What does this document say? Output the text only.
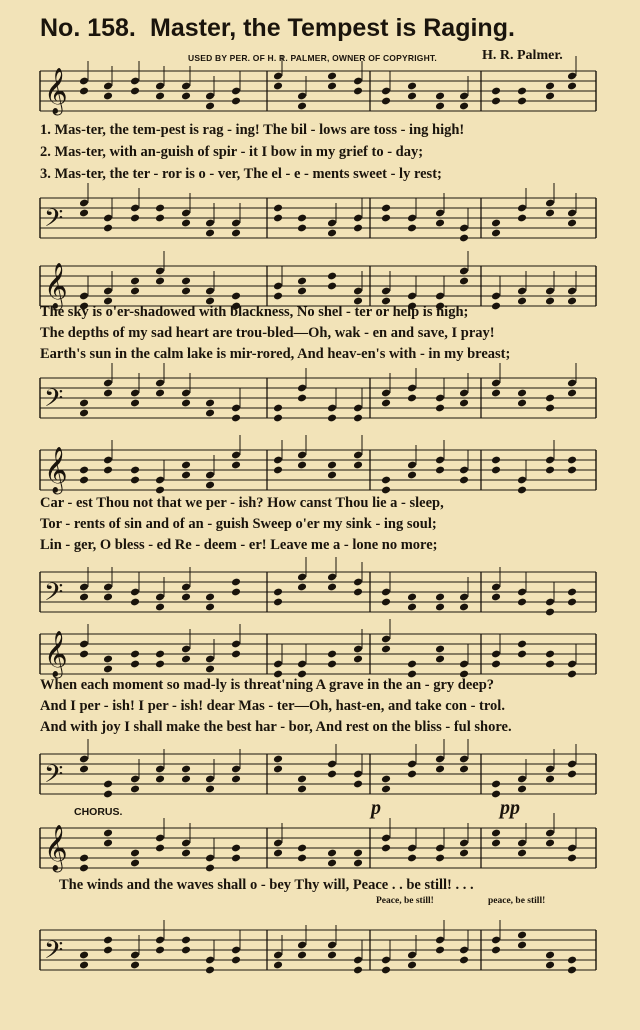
No. 158. Master, the Tempest is Raging.
USED BY PER. OF H. R. PALMER, OWNER OF COPYRIGHT.	H. R. Palmer.
𝄞
1. Mas-ter, the tem-pest is rag - ing! The bil - lows are toss - ing high!
2. Mas-ter, with an-guish of spir - it I bow in my grief to - day;
3. Mas-ter, the ter - ror is o - ver, The el - e - ments sweet - ly rest;
𝄢
𝄞
The sky is o'er-shadowed with blackness, No shel - ter or help is nigh;
The depths of my sad heart are trou-bled—Oh, wak - en and save, I pray!
Earth's sun in the calm lake is mir-rored, And heav-en's with - in my breast;
𝄢
𝄞
Car - est Thou not that we per - ish? How canst Thou lie a - sleep,
Tor - rents of sin and of an - guish Sweep o'er my sink - ing soul;
Lin - ger, O bless - ed Re - deem - er! Leave me a - lone no more;
𝄢
𝄞
When each moment so mad-ly is threat'ning A grave in the an - gry deep?
And I per - ish! I per - ish! dear Mas - ter—Oh, hast-en, and take con - trol.
And with joy I shall make the best har - bor, And rest on the bliss - ful shore.
𝄢
CHORUS.	p	pp
𝄞
The winds and the waves shall o - bey Thy will, Peace . . be still! . . .
𝄢
Peace, be still!	peace, be still!
